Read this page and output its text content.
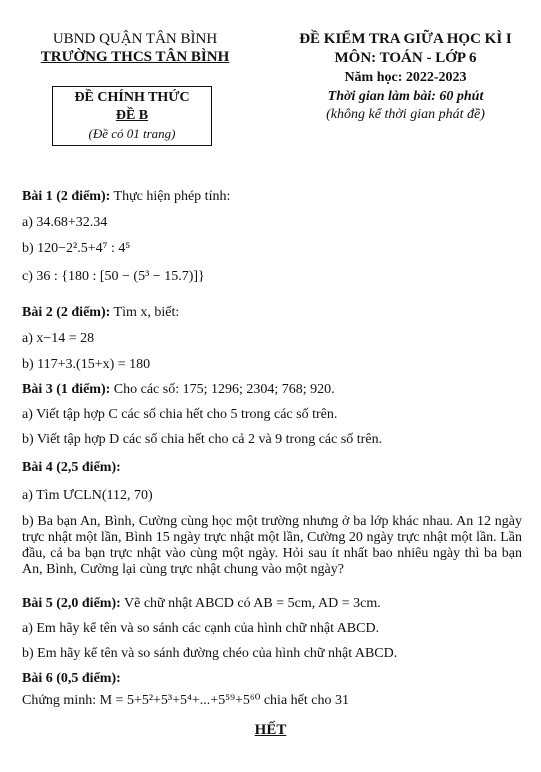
UBND QUẬN TÂN BÌNH
TRƯỜNG THCS TÂN BÌNH
ĐỀ KIỂM TRA GIỮA HỌC KÌ I
MÔN: TOÁN - LỚP 6
Năm học: 2022-2023
Thời gian làm bài: 60 phút
(không kể thời gian phát đề)
ĐỀ CHÍNH THỨC
ĐỀ B
(Đề có 01 trang)
Bài 1 (2 điểm): Thực hiện phép tính:
a) 34.68+32.34
b) 120−2².5+4⁷ : 4⁵
c) 36 : {180 : [50 − (5³ − 15.7)]}
Bài 2 (2 điểm): Tìm x, biết:
a) x−14 = 28
b) 117+3.(15+x) = 180
Bài 3 (1 điểm): Cho các số: 175; 1296; 2304; 768; 920.
a) Viết tập hợp C các số chia hết cho 5 trong các số trên.
b) Viết tập hợp D các số chia hết cho cả 2 và 9 trong các số trên.
Bài 4 (2,5 điểm):
a) Tìm ƯCLN(112, 70)
b) Ba bạn An, Bình, Cường cùng học một trường nhưng ở ba lớp khác nhau. An 12 ngày trực nhật một lần, Bình 15 ngày trực nhật một lần, Cường 20 ngày trực nhật một lần. Lần đầu, cả ba bạn trực nhật vào cùng một ngày. Hỏi sau ít nhất bao nhiêu ngày thì ba bạn An, Bình, Cường lại cùng trực nhật chung vào một ngày?
Bài 5 (2,0 điểm): Vẽ chữ nhật ABCD có AB = 5cm, AD = 3cm.
a) Em hãy kể tên và so sánh các cạnh của hình chữ nhật ABCD.
b) Em hãy kể tên và so sánh đường chéo của hình chữ nhật ABCD.
Bài 6 (0,5 điểm):
Chứng minh: M = 5+5²+5³+5⁴+...+5⁵⁹+5⁶⁰ chia hết cho 31
HẾT
